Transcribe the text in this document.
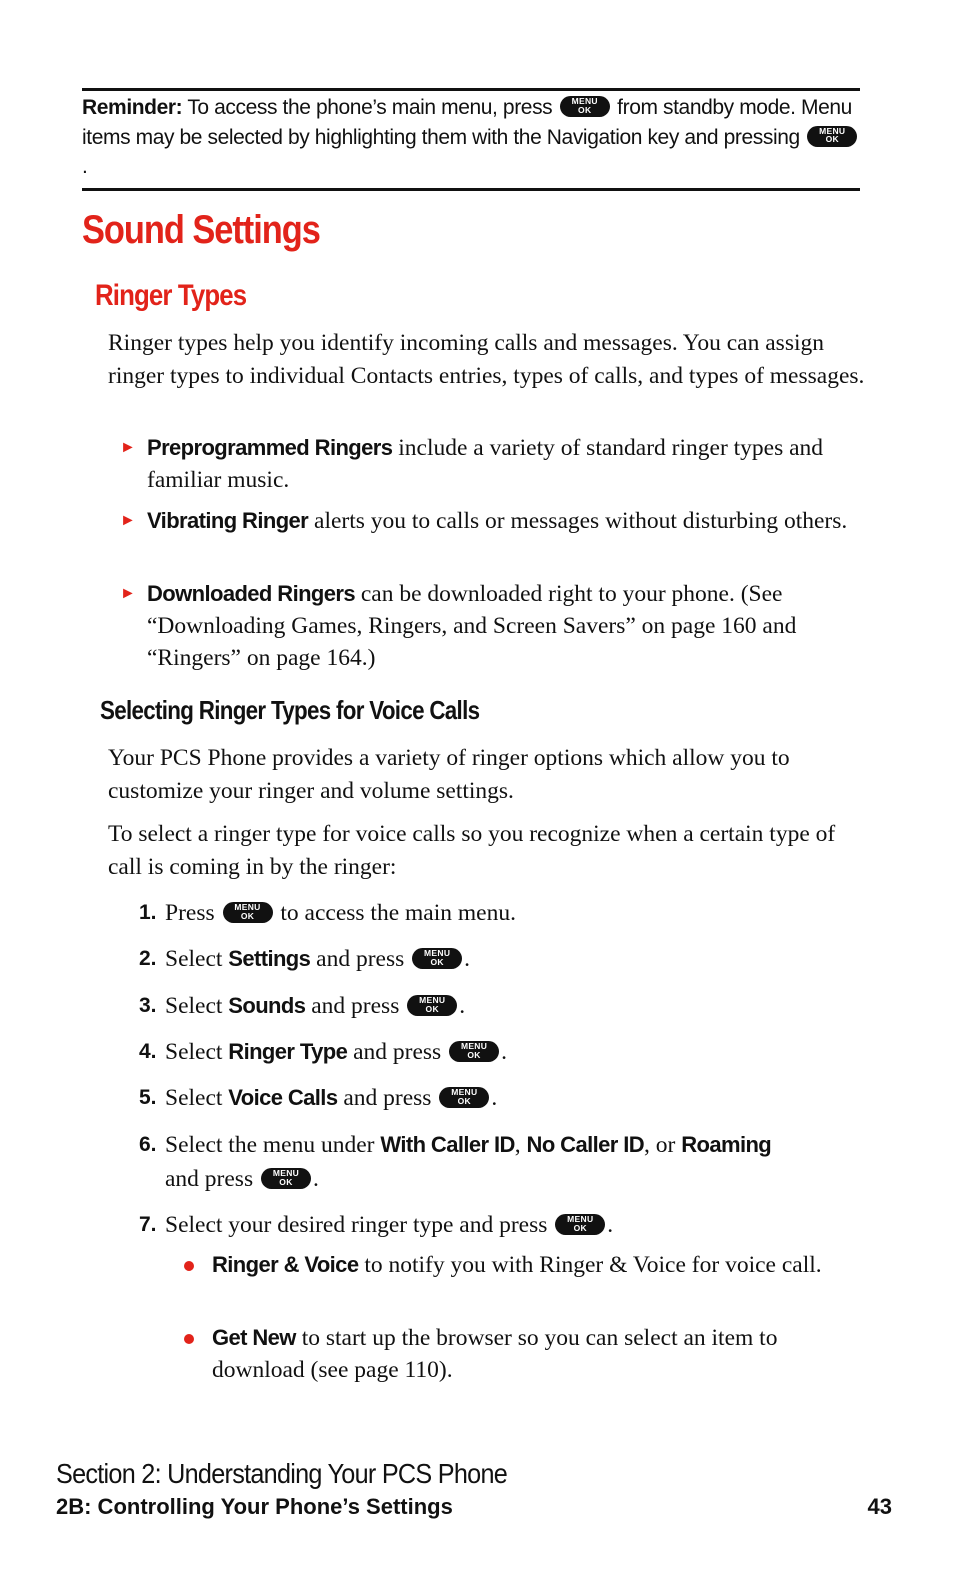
Reminder: To access the phone’s main menu, press	MENU
OK	from standby mode. Menu items may be selected by highlighting them with the Navigation key and pressing	MENU
OK
.
Sound Settings
Ringer Types

Ringer types help you identify incoming calls and messages. You can assign ringer types to individual Contacts entries, types of calls, and types of messages.

► Preprogrammed Ringers include a variety of standard ringer types and familiar music.
► Vibrating Ringer alerts you to calls or messages without disturbing others.
► Downloaded Ringers can be downloaded right to your phone. (See “Downloading Games, Ringers, and Screen Savers” on page 160 and “Ringers” on page 164.)
Selecting Ringer Types for Voice Calls

Your PCS Phone provides a variety of ringer options which allow you to customize your ringer and volume settings.

To select a ringer type for voice calls so you recognize when a certain type of call is coming in by the ringer:

1. Press	MENU
OK	to access the main menu.
2. Select Settings and press	MENU
OK .
3. Select Sounds and press	MENU
OK .
4. Select Ringer Type and press	MENU
OK .
5. Select Voice Calls and press	MENU
OK .
6. Select the menu under With Caller ID, No Caller ID, or Roaming
and press	MENU
OK .
7. Select your desired ringer type and press	MENU
OK .
Ringer & Voice to notify you with Ringer & Voice for voice call.
Get New to start up the browser so you can select an item to download (see page 110).
Section 2: Understanding Your PCS Phone
2B: Controlling Your Phone’s Settings	43
